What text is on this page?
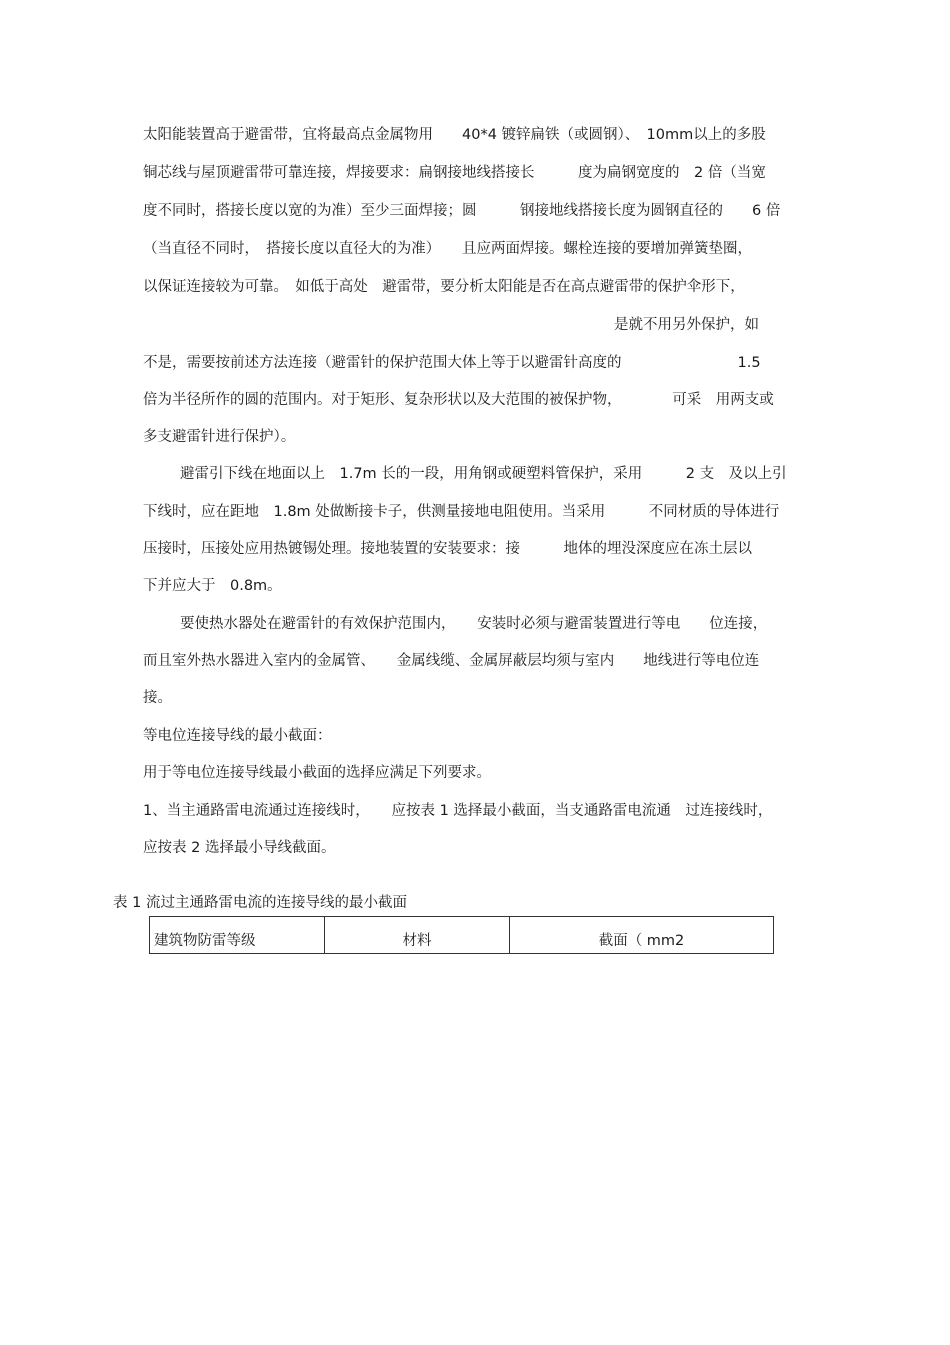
太阳能装置高于避雷带，宜将最高点金属物用　　40*4 镀锌扁铁（或圆钢）、　10mm以上的多股
铜芯线与屋顶避雷带可靠连接，焊接要求：扁钢接地线搭接长　　　度为扁钢宽度的　2 倍（当宽
度不同时，搭接长度以宽的为准）至少三面焊接；圆　　　钢接地线搭接长度为圆钢直径的　　6 倍
（当直径不同时，　搭接长度以直径大的为准）　　且应两面焊接。螺栓连接的要增加弹簧垫圈，
以保证连接较为可靠。　如低于高处　避雷带，要分析太阳能是否在高点避雷带的保护伞形下，
是就不用另外保护，如
不是，需要按前述方法连接（避雷针的保护范围大体上等于以避雷针高度的　　　　　　　　1.5
倍为半径所作的圆的范围内。对于矩形、复杂形状以及大范围的被保护物，　　　　可采　用两支或
多支避雷针进行保护）。
避雷引下线在地面以上　1.7m 长的一段，用角钢或硬塑料管保护，采用　　　2 支　及以上引
下线时，应在距地　1.8m 处做断接卡子，供测量接地电阻使用。当采用　　　不同材质的导体进行
压接时，压接处应用热镀锡处理。接地装置的安装要求：接　　　地体的埋没深度应在冻土层以
下并应大于　0.8m。
要使热水器处在避雷针的有效保护范围内，　　安装时必须与避雷装置进行等电　　位连接，
而且室外热水器进入室内的金属管、　　金属线缆、金属屏蔽层均须与室内　　地线进行等电位连
接。
等电位连接导线的最小截面：
用于等电位连接导线最小截面的选择应满足下列要求。
1、当主通路雷电流通过连接线时，　　应按表 1 选择最小截面，当支通路雷电流通　过连接线时，
应按表 2 选择最小导线截面。
表 1 流过主通路雷电流的连接导线的最小截面
建筑物防雷等级	材料	截面（ mm2
